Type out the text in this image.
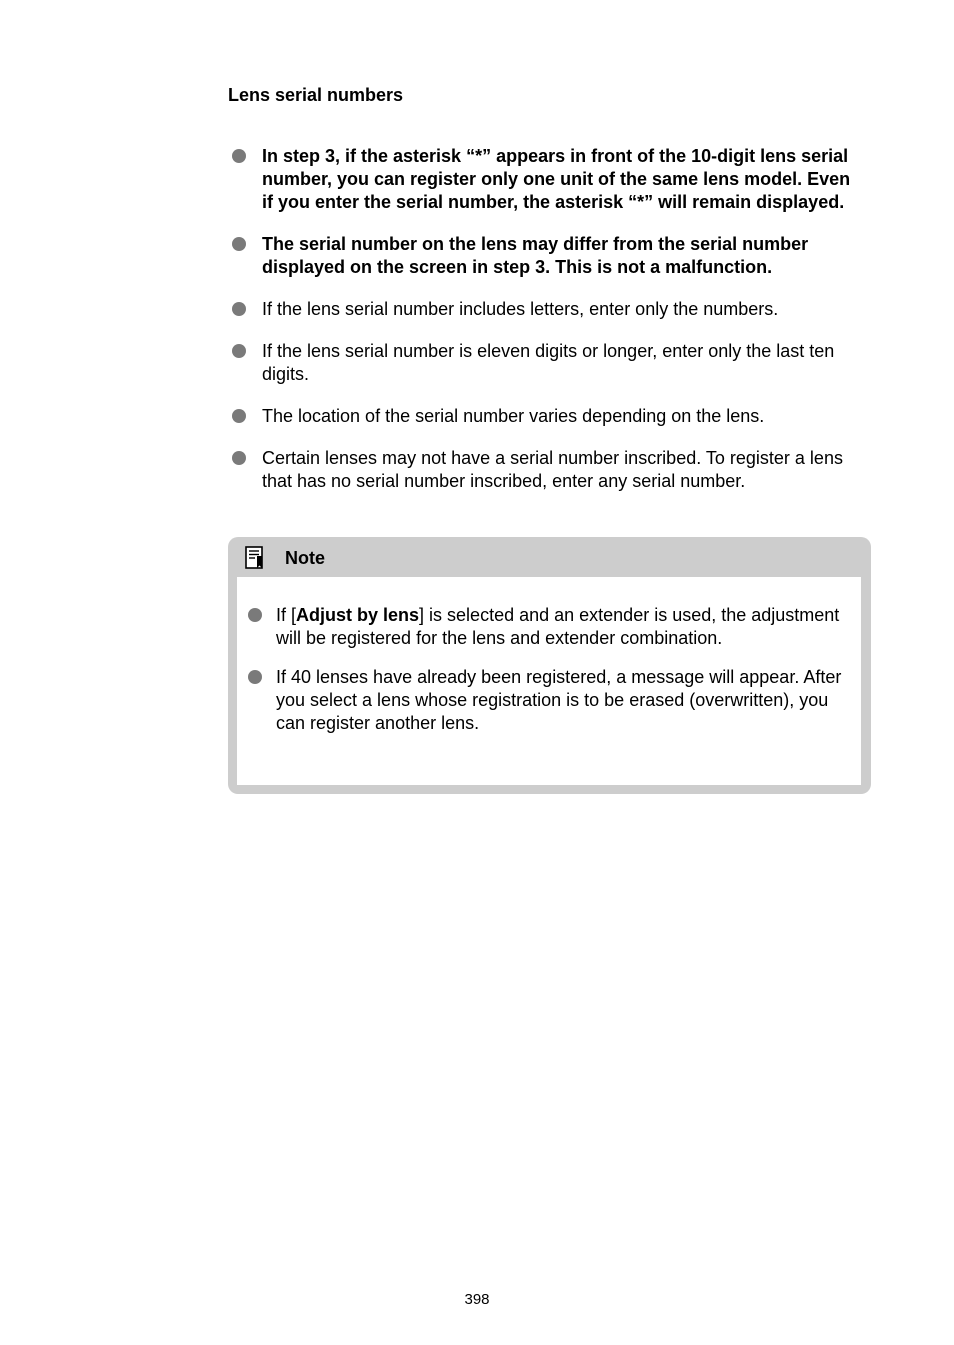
Lens serial numbers
In step 3, if the asterisk “*” appears in front of the 10-digit lens serial number, you can register only one unit of the same lens model. Even if you enter the serial number, the asterisk “*” will remain displayed.
The serial number on the lens may differ from the serial number displayed on the screen in step 3. This is not a malfunction.
If the lens serial number includes letters, enter only the numbers.
If the lens serial number is eleven digits or longer, enter only the last ten digits.
The location of the serial number varies depending on the lens.
Certain lenses may not have a serial number inscribed. To register a lens that has no serial number inscribed, enter any serial number.
Note
If [Adjust by lens] is selected and an extender is used, the adjustment will be registered for the lens and extender combination.
If 40 lenses have already been registered, a message will appear. After you select a lens whose registration is to be erased (overwritten), you can register another lens.
398
